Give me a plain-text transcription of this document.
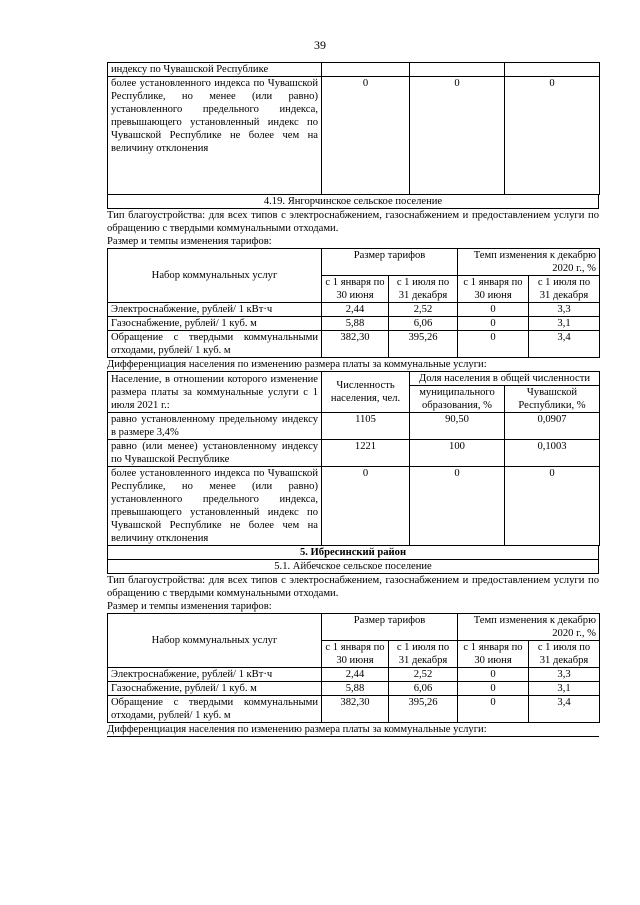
39
индексу по Чувашской Республике			
более установленного индекса по Чувашской Республике, но менее (или равно) установленного предельного индекса, превышающего установленный индекс по Чувашской Республике не более чем на величину отклонения	0	0	0
4.19. Янгорчинское сельское поселение
Тип благоустройства: для всех типов с электроснабжением, газоснабжением и предоставлением услуги по обращению с твердыми коммунальными отходами.
Размер и темпы изменения тарифов:
Набор коммунальных услуг	Размер тарифов		Темп изменения к декабрю 2020 г., %	
	с 1 января по 30 июня	с 1 июля по 31 декабря	с 1 января по 30 июня	с 1 июля по 31 декабря
Электроснабжение, рублей/ 1 кВт·ч	2,44	2,52	0	3,3
Газоснабжение, рублей/ 1 куб. м	5,88	6,06	0	3,1
Обращение с твердыми коммунальными отходами, рублей/ 1 куб. м	382,30	395,26	0	3,4
Дифференциация населения по изменению размера платы за коммунальные услуги:
Население, в отношении которого изменение размера платы за коммунальные услуги с 1 июля 2021 г.:	Численность населения, чел.	Доля населения в общей численности	
		муниципального образования, %	Чувашской Республики, %
равно установленному предельному индексу в размере 3,4%	1105	90,50	0,0907
равно (или менее) установленному индексу по Чувашской Республике	1221	100	0,1003
более установленного индекса по Чувашской Республике, но менее (или равно) установленного предельного индекса, превышающего установленный индекс по Чувашской Республике не более чем на величину отклонения	0	0	0
5. Ибресинский район
5.1. Айбечское сельское поселение
Тип благоустройства: для всех типов с электроснабжением, газоснабжением и предоставлением услуги по обращению с твердыми коммунальными отходами.
Размер и темпы изменения тарифов:
Набор коммунальных услуг	Размер тарифов		Темп изменения к декабрю 2020 г., %	
	с 1 января по 30 июня	с 1 июля по 31 декабря	с 1 января по 30 июня	с 1 июля по 31 декабря
Электроснабжение, рублей/ 1 кВт·ч	2,44	2,52	0	3,3
Газоснабжение, рублей/ 1 куб. м	5,88	6,06	0	3,1
Обращение с твердыми коммунальными отходами, рублей/ 1 куб. м	382,30	395,26	0	3,4
Дифференциация населения по изменению размера платы за коммунальные услуги:
